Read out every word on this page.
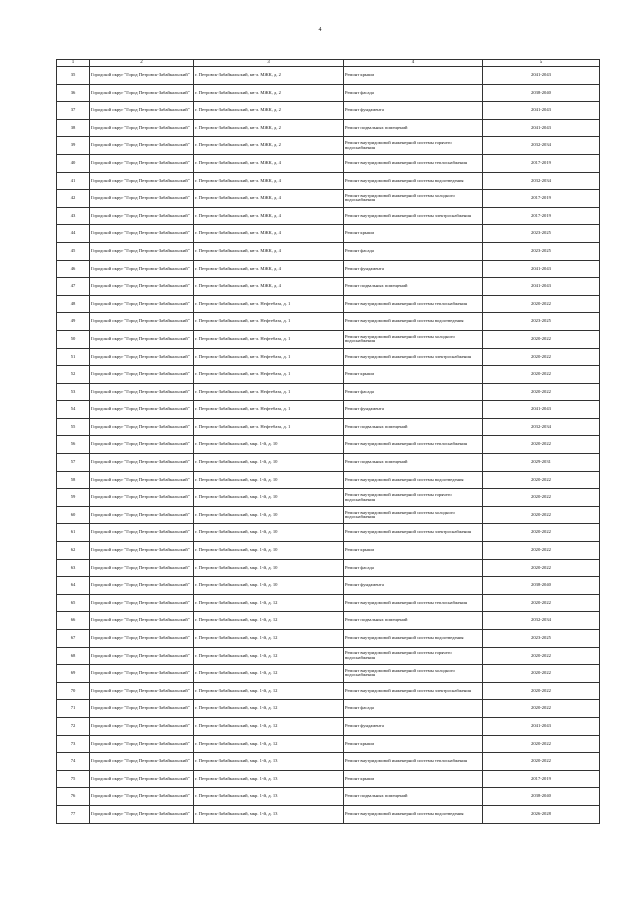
4
1	2	3	4	5
35	Городской округ "Город Петровск-Забайкальский"	г. Петровск-Забайкальский, кв-л. МЖК, д. 2	Ремонт крыши	2041-2043
36	Городской округ "Город Петровск-Забайкальский"	г. Петровск-Забайкальский, кв-л. МЖК, д. 2	Ремонт фасада	2038-2040
37	Городской округ "Город Петровск-Забайкальский"	г. Петровск-Забайкальский, кв-л. МЖК, д. 2	Ремонт фундамента	2041-2043
38	Городской округ "Город Петровск-Забайкальский"	г. Петровск-Забайкальский, кв-л. МЖК, д. 2	Ремонт подвальных помещений	2041-2043
39	Городской округ "Город Петровск-Забайкальский"	г. Петровск-Забайкальский, кв-л. МЖК, д. 2	Ремонт внутридомовой инженерной системы горячего водоснабжения	2032-2034
40	Городской округ "Город Петровск-Забайкальский"	г. Петровск-Забайкальский, кв-л. МЖК, д. 4	Ремонт внутридомовой инженерной системы теплоснабжения	2017-2019
41	Городской округ "Город Петровск-Забайкальский"	г. Петровск-Забайкальский, кв-л. МЖК, д. 4	Ремонт внутридомовой инженерной системы водоотведения	2032-2034
42	Городской округ "Город Петровск-Забайкальский"	г. Петровск-Забайкальский, кв-л. МЖК, д. 4	Ремонт внутридомовой инженерной системы холодного водоснабжения	2017-2019
43	Городской округ "Город Петровск-Забайкальский"	г. Петровск-Забайкальский, кв-л. МЖК, д. 4	Ремонт внутридомовой инженерной системы электроснабжения	2017-2019
44	Городской округ "Город Петровск-Забайкальский"	г. Петровск-Забайкальский, кв-л. МЖК, д. 4	Ремонт крыши	2023-2025
45	Городской округ "Город Петровск-Забайкальский"	г. Петровск-Забайкальский, кв-л. МЖК, д. 4	Ремонт фасада	2023-2025
46	Городской округ "Город Петровск-Забайкальский"	г. Петровск-Забайкальский, кв-л. МЖК, д. 4	Ремонт фундамента	2041-2043
47	Городской округ "Город Петровск-Забайкальский"	г. Петровск-Забайкальский, кв-л. МЖК, д. 4	Ремонт подвальных помещений	2041-2043
48	Городской округ "Город Петровск-Забайкальский"	г. Петровск-Забайкальский, кв-л. Нефтебаза, д. 1	Ремонт внутридомовой инженерной системы теплоснабжения	2020-2022
49	Городской округ "Город Петровск-Забайкальский"	г. Петровск-Забайкальский, кв-л. Нефтебаза, д. 1	Ремонт внутридомовой инженерной системы водоотведения	2023-2025
50	Городской округ "Город Петровск-Забайкальский"	г. Петровск-Забайкальский, кв-л. Нефтебаза, д. 1	Ремонт внутридомовой инженерной системы холодного водоснабжения	2020-2022
51	Городской округ "Город Петровск-Забайкальский"	г. Петровск-Забайкальский, кв-л. Нефтебаза, д. 1	Ремонт внутридомовой инженерной системы электроснабжения	2020-2022
52	Городской округ "Город Петровск-Забайкальский"	г. Петровск-Забайкальский, кв-л. Нефтебаза, д. 1	Ремонт крыши	2020-2022
53	Городской округ "Город Петровск-Забайкальский"	г. Петровск-Забайкальский, кв-л. Нефтебаза, д. 1	Ремонт фасада	2020-2022
54	Городской округ "Город Петровск-Забайкальский"	г. Петровск-Забайкальский, кв-л. Нефтебаза, д. 1	Ремонт фундамента	2041-2043
55	Городской округ "Город Петровск-Забайкальский"	г. Петровск-Забайкальский, кв-л. Нефтебаза, д. 1	Ремонт подвальных помещений	2032-2034
56	Городской округ "Город Петровск-Забайкальский"	г. Петровск-Забайкальский, мкр. 1-й, д. 10	Ремонт внутридомовой инженерной системы теплоснабжения	2020-2022
57	Городской округ "Город Петровск-Забайкальский"	г. Петровск-Забайкальский, мкр. 1-й, д. 10	Ремонт подвальных помещений	2029-2031
58	Городской округ "Город Петровск-Забайкальский"	г. Петровск-Забайкальский, мкр. 1-й, д. 10	Ремонт внутридомовой инженерной системы водоотведения	2020-2022
59	Городской округ "Город Петровск-Забайкальский"	г. Петровск-Забайкальский, мкр. 1-й, д. 10	Ремонт внутридомовой инженерной системы горячего водоснабжения	2020-2022
60	Городской округ "Город Петровск-Забайкальский"	г. Петровск-Забайкальский, мкр. 1-й, д. 10	Ремонт внутридомовой инженерной системы холодного водоснабжения	2020-2022
61	Городской округ "Город Петровск-Забайкальский"	г. Петровск-Забайкальский, мкр. 1-й, д. 10	Ремонт внутридомовой инженерной системы электроснабжения	2020-2022
62	Городской округ "Город Петровск-Забайкальский"	г. Петровск-Забайкальский, мкр. 1-й, д. 10	Ремонт крыши	2020-2022
63	Городской округ "Город Петровск-Забайкальский"	г. Петровск-Забайкальский, мкр. 1-й, д. 10	Ремонт фасада	2020-2022
64	Городской округ "Город Петровск-Забайкальский"	г. Петровск-Забайкальский, мкр. 1-й, д. 10	Ремонт фундамента	2038-2040
65	Городской округ "Город Петровск-Забайкальский"	г. Петровск-Забайкальский, мкр. 1-й, д. 12	Ремонт внутридомовой инженерной системы теплоснабжения	2020-2022
66	Городской округ "Город Петровск-Забайкальский"	г. Петровск-Забайкальский, мкр. 1-й, д. 12	Ремонт подвальных помещений	2032-2034
67	Городской округ "Город Петровск-Забайкальский"	г. Петровск-Забайкальский, мкр. 1-й, д. 12	Ремонт внутридомовой инженерной системы водоотведения	2023-2025
68	Городской округ "Город Петровск-Забайкальский"	г. Петровск-Забайкальский, мкр. 1-й, д. 12	Ремонт внутридомовой инженерной системы горячего водоснабжения	2020-2022
69	Городской округ "Город Петровск-Забайкальский"	г. Петровск-Забайкальский, мкр. 1-й, д. 12	Ремонт внутридомовой инженерной системы холодного водоснабжения	2020-2022
70	Городской округ "Город Петровск-Забайкальский"	г. Петровск-Забайкальский, мкр. 1-й, д. 12	Ремонт внутридомовой инженерной системы электроснабжения	2020-2022
71	Городской округ "Город Петровск-Забайкальский"	г. Петровск-Забайкальский, мкр. 1-й, д. 12	Ремонт фасада	2020-2022
72	Городской округ "Город Петровск-Забайкальский"	г. Петровск-Забайкальский, мкр. 1-й, д. 12	Ремонт фундамента	2041-2043
73	Городской округ "Город Петровск-Забайкальский"	г. Петровск-Забайкальский, мкр. 1-й, д. 12	Ремонт крыши	2020-2022
74	Городской округ "Город Петровск-Забайкальский"	г. Петровск-Забайкальский, мкр. 1-й, д. 13	Ремонт внутридомовой инженерной системы теплоснабжения	2020-2022
75	Городской округ "Город Петровск-Забайкальский"	г. Петровск-Забайкальский, мкр. 1-й, д. 13	Ремонт крыши	2017-2019
76	Городской округ "Город Петровск-Забайкальский"	г. Петровск-Забайкальский, мкр. 1-й, д. 13	Ремонт подвальных помещений	2038-2040
77	Городской округ "Город Петровск-Забайкальский"	г. Петровск-Забайкальский, мкр. 1-й, д. 13	Ремонт внутридомовой инженерной системы водоотведения	2026-2028
